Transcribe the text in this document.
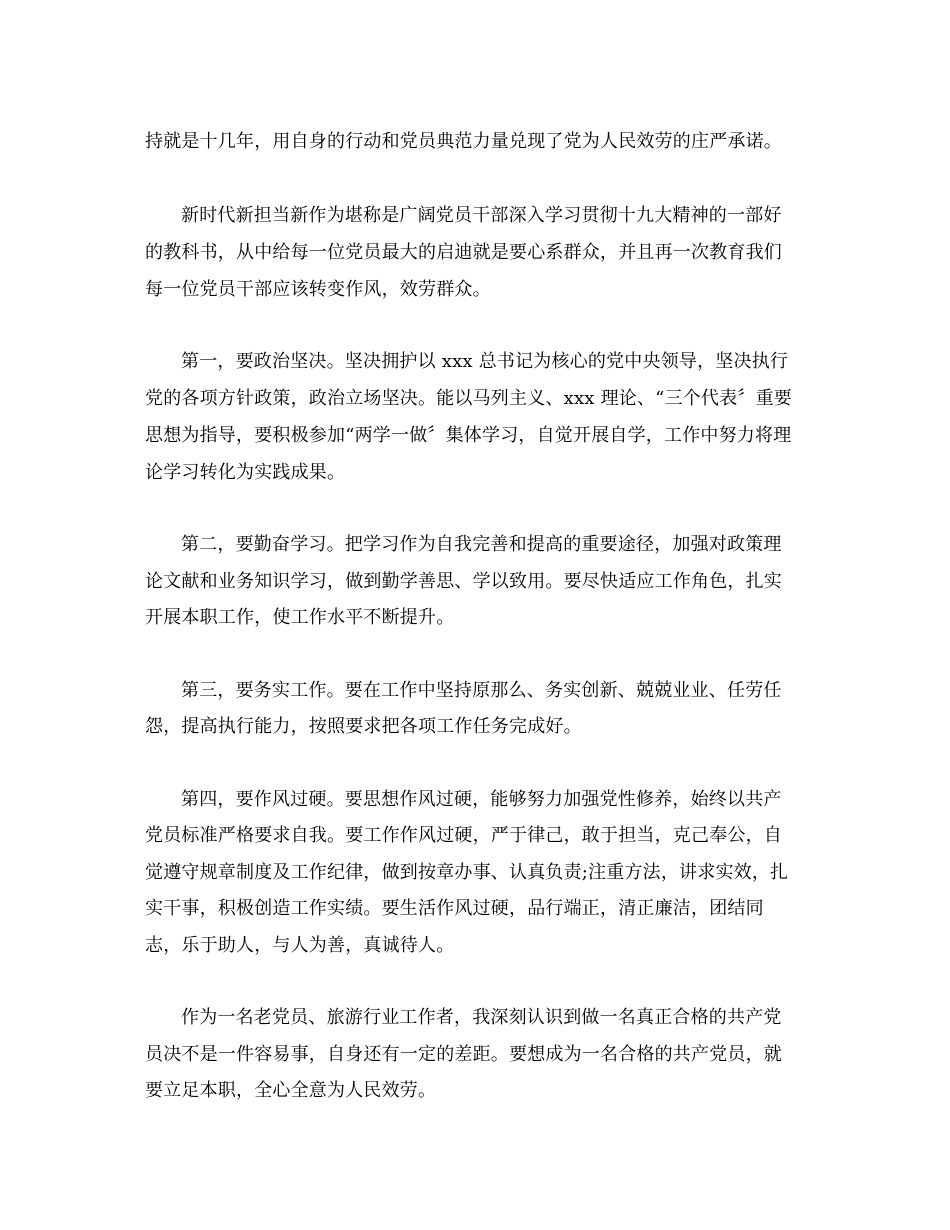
持就是十几年，用自身的行动和党员典范力量兑现了党为人民效劳的庄严承诺。
新时代新担当新作为堪称是广阔党员干部深入学习贯彻十九大精神的一部好
的教科书，从中给每一位党员最大的启迪就是要心系群众，并且再一次教育我们
每一位党员干部应该转变作风，效劳群众。
第一，要政治坚决。坚决拥护以 xxx 总书记为核心的党中央领导，坚决执行
党的各项方针政策，政治立场坚决。能以马列主义、xxx 理论、“三个代表〞重要
思想为指导，要积极参加“两学一做〞集体学习，自觉开展自学，工作中努力将理
论学习转化为实践成果。
第二，要勤奋学习。把学习作为自我完善和提高的重要途径，加强对政策理
论文献和业务知识学习，做到勤学善思、学以致用。要尽快适应工作角色，扎实
开展本职工作，使工作水平不断提升。
第三，要务实工作。要在工作中坚持原那么、务实创新、兢兢业业、任劳任
怨，提高执行能力，按照要求把各项工作任务完成好。
第四，要作风过硬。要思想作风过硬，能够努力加强党性修养，始终以共产
党员标准严格要求自我。要工作作风过硬，严于律己，敢于担当，克己奉公，自
觉遵守规章制度及工作纪律，做到按章办事、认真负责;注重方法，讲求实效，扎
实干事，积极创造工作实绩。要生活作风过硬，品行端正，清正廉洁，团结同
志，乐于助人，与人为善，真诚待人。
作为一名老党员、旅游行业工作者，我深刻认识到做一名真正合格的共产党
员决不是一件容易事，自身还有一定的差距。要想成为一名合格的共产党员，就
要立足本职，全心全意为人民效劳。
